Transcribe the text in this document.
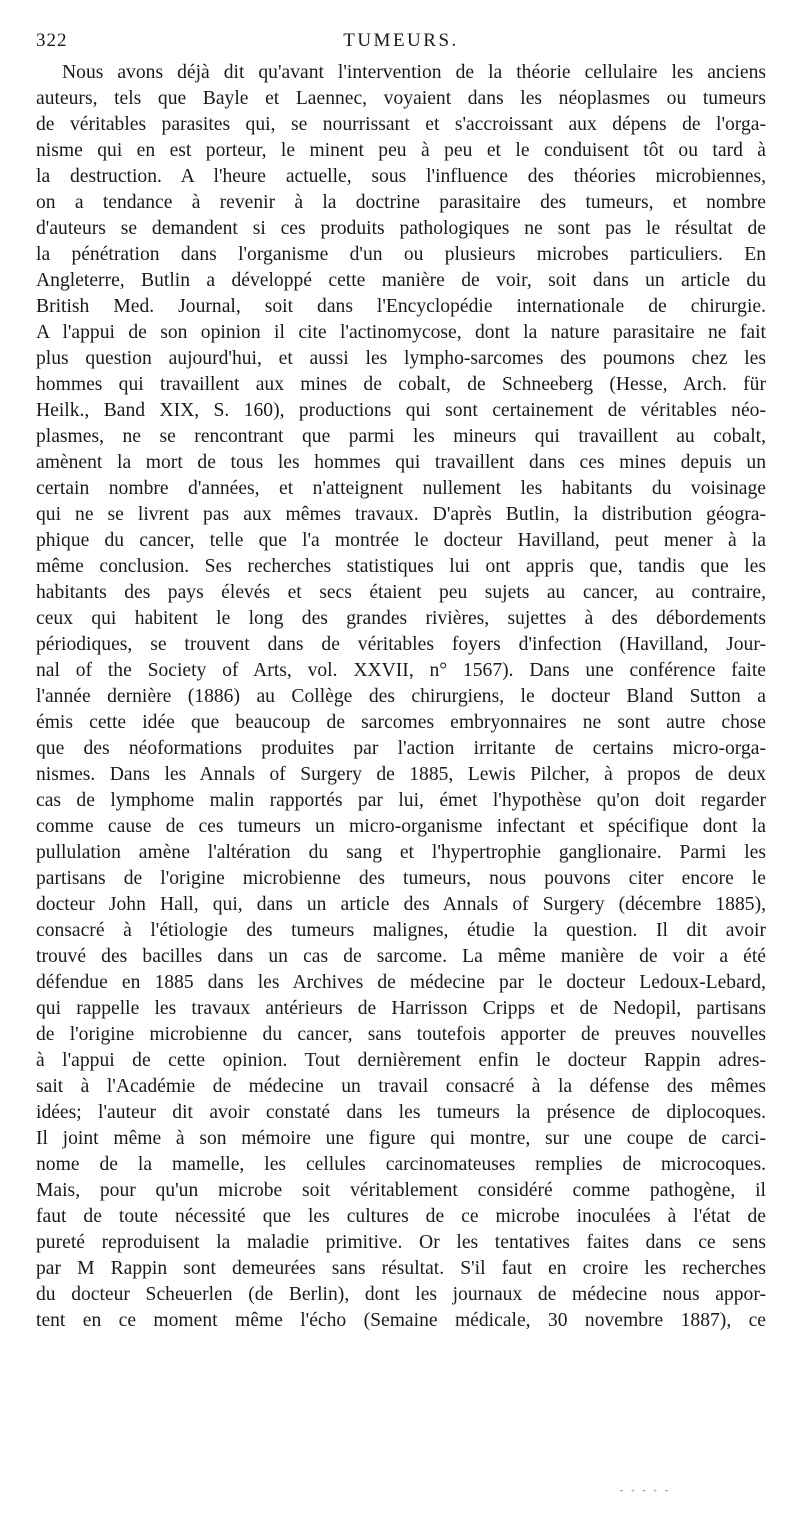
322	TUMEURS.

Nous avons déjà dit qu'avant l'intervention de la théorie cellulaire les anciens
auteurs, tels que Bayle et Laennec, voyaient dans les néoplasmes ou tumeurs
de véritables parasites qui, se nourrissant et s'accroissant aux dépens de l'orga-
nisme qui en est porteur, le minent peu à peu et le conduisent tôt ou tard à
la destruction. A l'heure actuelle, sous l'influence des théories microbiennes,
on a tendance à revenir à la doctrine parasitaire des tumeurs, et nombre
d'auteurs se demandent si ces produits pathologiques ne sont pas le résultat de
la pénétration dans l'organisme d'un ou plusieurs microbes particuliers. En
Angleterre, Butlin a développé cette manière de voir, soit dans un article du
British Med. Journal, soit dans l'Encyclopédie internationale de chirurgie.
A l'appui de son opinion il cite l'actinomycose, dont la nature parasitaire ne fait
plus question aujourd'hui, et aussi les lympho-sarcomes des poumons chez les
hommes qui travaillent aux mines de cobalt, de Schneeberg (Hesse, Arch. für
Heilk., Band XIX, S. 160), productions qui sont certainement de véritables néo-
plasmes, ne se rencontrant que parmi les mineurs qui travaillent au cobalt,
amènent la mort de tous les hommes qui travaillent dans ces mines depuis un
certain nombre d'années, et n'atteignent nullement les habitants du voisinage
qui ne se livrent pas aux mêmes travaux. D'après Butlin, la distribution géogra-
phique du cancer, telle que l'a montrée le docteur Havilland, peut mener à la
même conclusion. Ses recherches statistiques lui ont appris que, tandis que les
habitants des pays élevés et secs étaient peu sujets au cancer, au contraire,
ceux qui habitent le long des grandes rivières, sujettes à des débordements
périodiques, se trouvent dans de véritables foyers d'infection (Havilland, Jour-
nal of the Society of Arts, vol. XXVII, n° 1567). Dans une conférence faite
l'année dernière (1886) au Collège des chirurgiens, le docteur Bland Sutton a
émis cette idée que beaucoup de sarcomes embryonnaires ne sont autre chose
que des néoformations produites par l'action irritante de certains micro-orga-
nismes. Dans les Annals of Surgery de 1885, Lewis Pilcher, à propos de deux
cas de lymphome malin rapportés par lui, émet l'hypothèse qu'on doit regarder
comme cause de ces tumeurs un micro-organisme infectant et spécifique dont la
pullulation amène l'altération du sang et l'hypertrophie ganglionaire. Parmi les
partisans de l'origine microbienne des tumeurs, nous pouvons citer encore le
docteur John Hall, qui, dans un article des Annals of Surgery (décembre 1885),
consacré à l'étiologie des tumeurs malignes, étudie la question. Il dit avoir
trouvé des bacilles dans un cas de sarcome. La même manière de voir a été
défendue en 1885 dans les Archives de médecine par le docteur Ledoux-Lebard,
qui rappelle les travaux antérieurs de Harrisson Cripps et de Nedopil, partisans
de l'origine microbienne du cancer, sans toutefois apporter de preuves nouvelles
à l'appui de cette opinion. Tout dernièrement enfin le docteur Rappin adres-
sait à l'Académie de médecine un travail consacré à la défense des mêmes
idées; l'auteur dit avoir constaté dans les tumeurs la présence de diplocoques.
Il joint même à son mémoire une figure qui montre, sur une coupe de carci-
nome de la mamelle, les cellules carcinomateuses remplies de microcoques.
Mais, pour qu'un microbe soit véritablement considéré comme pathogène, il
faut de toute nécessité que les cultures de ce microbe inoculées à l'état de
pureté reproduisent la maladie primitive. Or les tentatives faites dans ce sens
par M Rappin sont demeurées sans résultat. S'il faut en croire les recherches
du docteur Scheuerlen (de Berlin), dont les journaux de médecine nous appor-
tent en ce moment même l'écho (Semaine médicale, 30 novembre 1887), ce

- - - - -
